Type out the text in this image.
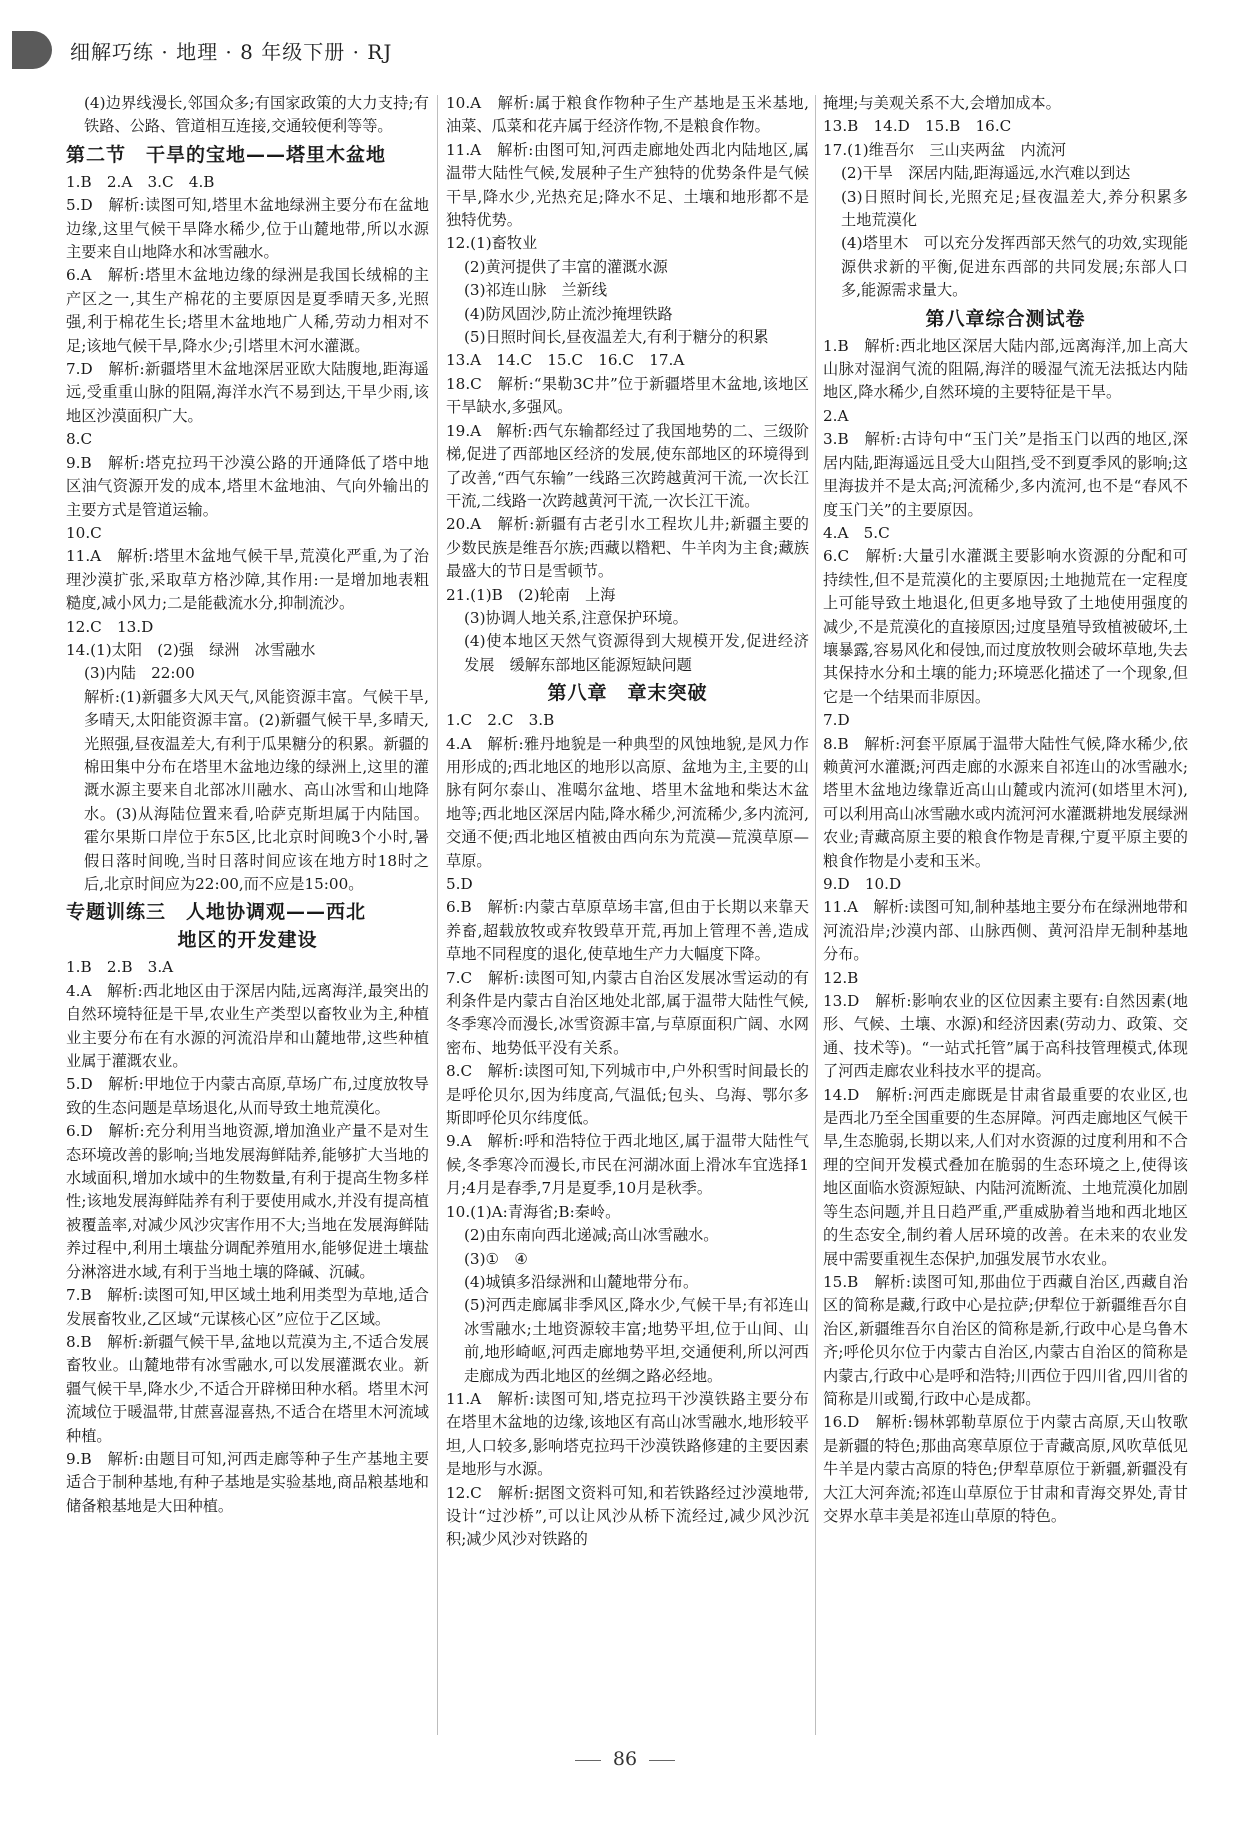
细解巧练 · 地理 · 8 年级下册 · RJ
(4)边界线漫长,邻国众多;有国家政策的大力支持;有铁路、公路、管道相互连接,交通较便利等等。
第二节　干旱的宝地——塔里木盆地
1.B　2.A　3.C　4.B
5.D　解析:读图可知,塔里木盆地绿洲主要分布在盆地边缘,这里气候干旱降水稀少,位于山麓地带,所以水源主要来自山地降水和冰雪融水。
6.A　解析:塔里木盆地边缘的绿洲是我国长绒棉的主产区之一,其生产棉花的主要原因是夏季晴天多,光照强,利于棉花生长;塔里木盆地地广人稀,劳动力相对不足;该地气候干旱,降水少;引塔里木河水灌溉。
7.D　解析:新疆塔里木盆地深居亚欧大陆腹地,距海遥远,受重重山脉的阻隔,海洋水汽不易到达,干旱少雨,该地区沙漠面积广大。
8.C
9.B　解析:塔克拉玛干沙漠公路的开通降低了塔中地区油气资源开发的成本,塔里木盆地油、气向外输出的主要方式是管道运输。
10.C
11.A　解析:塔里木盆地气候干旱,荒漠化严重,为了治理沙漠扩张,采取草方格沙障,其作用:一是增加地表粗糙度,减小风力;二是能截流水分,抑制流沙。
12.C　13.D
14.(1)太阳　(2)强　绿洲　冰雪融水
(3)内陆　22:00
解析:(1)新疆多大风天气,风能资源丰富。气候干旱,多晴天,太阳能资源丰富。(2)新疆气候干旱,多晴天,光照强,昼夜温差大,有利于瓜果糖分的积累。新疆的棉田集中分布在塔里木盆地边缘的绿洲上,这里的灌溉水源主要来自北部冰川融水、高山冰雪和山地降水。(3)从海陆位置来看,哈萨克斯坦属于内陆国。霍尔果斯口岸位于东5区,比北京时间晚3个小时,暑假日落时间晚,当时日落时间应该在地方时18时之后,北京时间应为22:00,而不应是15:00。
专题训练三　人地协调观——西北
地区的开发建设
1.B　2.B　3.A
4.A　解析:西北地区由于深居内陆,远离海洋,最突出的自然环境特征是干旱,农业生产类型以畜牧业为主,种植业主要分布在有水源的河流沿岸和山麓地带,这些种植业属于灌溉农业。
5.D　解析:甲地位于内蒙古高原,草场广布,过度放牧导致的生态问题是草场退化,从而导致土地荒漠化。
6.D　解析:充分利用当地资源,增加渔业产量不是对生态环境改善的影响;当地发展海鲜陆养,能够扩大当地的水域面积,增加水域中的生物数量,有利于提高生物多样性;该地发展海鲜陆养有利于要使用咸水,并没有提高植被覆盖率,对减少风沙灾害作用不大;当地在发展海鲜陆养过程中,利用土壤盐分调配养殖用水,能够促进土壤盐分淋溶进水域,有利于当地土壤的降碱、沉碱。
7.B　解析:读图可知,甲区域土地利用类型为草地,适合发展畜牧业,乙区域“元谋核心区”应位于乙区域。
8.B　解析:新疆气候干旱,盆地以荒漠为主,不适合发展畜牧业。山麓地带有冰雪融水,可以发展灌溉农业。新疆气候干旱,降水少,不适合开辟梯田种水稻。塔里木河流域位于暖温带,甘蔗喜湿喜热,不适合在塔里木河流域种植。
9.B　解析:由题目可知,河西走廊等种子生产基地主要适合于制种基地,有种子基地是实验基地,商品粮基地和储备粮基地是大田种植。
10.A　解析:属于粮食作物种子生产基地是玉米基地,油菜、瓜菜和花卉属于经济作物,不是粮食作物。
11.A　解析:由图可知,河西走廊地处西北内陆地区,属温带大陆性气候,发展种子生产独特的优势条件是气候干旱,降水少,光热充足;降水不足、土壤和地形都不是独特优势。
12.(1)畜牧业
(2)黄河提供了丰富的灌溉水源
(3)祁连山脉　兰新线
(4)防风固沙,防止流沙掩埋铁路
(5)日照时间长,昼夜温差大,有利于糖分的积累
13.A　14.C　15.C　16.C　17.A
18.C　解析:“果勒3C井”位于新疆塔里木盆地,该地区干旱缺水,多强风。
19.A　解析:西气东输都经过了我国地势的二、三级阶梯,促进了西部地区经济的发展,使东部地区的环境得到了改善,“西气东输”一线路三次跨越黄河干流,一次长江干流,二线路一次跨越黄河干流,一次长江干流。
20.A　解析:新疆有古老引水工程坎儿井;新疆主要的少数民族是维吾尔族;西藏以糌粑、牛羊肉为主食;藏族最盛大的节日是雪顿节。
21.(1)B　(2)轮南　上海
(3)协调人地关系,注意保护环境。
(4)使本地区天然气资源得到大规模开发,促进经济发展　缓解东部地区能源短缺问题
第八章　章末突破
1.C　2.C　3.B
4.A　解析:雅丹地貌是一种典型的风蚀地貌,是风力作用形成的;西北地区的地形以高原、盆地为主,主要的山脉有阿尔泰山、准噶尔盆地、塔里木盆地和柴达木盆地等;西北地区深居内陆,降水稀少,河流稀少,多内流河,交通不便;西北地区植被由西向东为荒漠—荒漠草原—草原。
5.D
6.B　解析:内蒙古草原草场丰富,但由于长期以来靠天养畜,超载放牧或弃牧毁草开荒,再加上管理不善,造成草地不同程度的退化,使草地生产力大幅度下降。
7.C　解析:读图可知,内蒙古自治区发展冰雪运动的有利条件是内蒙古自治区地处北部,属于温带大陆性气候,冬季寒冷而漫长,冰雪资源丰富,与草原面积广阔、水网密布、地势低平没有关系。
8.C　解析:读图可知,下列城市中,户外积雪时间最长的是呼伦贝尔,因为纬度高,气温低;包头、乌海、鄂尔多斯即呼伦贝尔纬度低。
9.A　解析:呼和浩特位于西北地区,属于温带大陆性气候,冬季寒冷而漫长,市民在河湖冰面上滑冰车宜选择1月;4月是春季,7月是夏季,10月是秋季。
10.(1)A:青海省;B:秦岭。
(2)由东南向西北递减;高山冰雪融水。
(3)①　④
(4)城镇多沿绿洲和山麓地带分布。
(5)河西走廊属非季风区,降水少,气候干旱;有祁连山冰雪融水;土地资源较丰富;地势平坦,位于山间、山前,地形崎岖,河西走廊地势平坦,交通便利,所以河西走廊成为西北地区的丝绸之路必经地。
11.A　解析:读图可知,塔克拉玛干沙漠铁路主要分布在塔里木盆地的边缘,该地区有高山冰雪融水,地形较平坦,人口较多,影响塔克拉玛干沙漠铁路修建的主要因素是地形与水源。
12.C　解析:据图文资料可知,和若铁路经过沙漠地带,设计“过沙桥”,可以让风沙从桥下流经过,减少风沙沉积;减少风沙对铁路的
掩埋;与美观关系不大,会增加成本。
13.B　14.D　15.B　16.C
17.(1)维吾尔　三山夹两盆　内流河
(2)干旱　深居内陆,距海遥远,水汽难以到达
(3)日照时间长,光照充足;昼夜温差大,养分积累多　土地荒漠化
(4)塔里木　可以充分发挥西部天然气的功效,实现能源供求新的平衡,促进东西部的共同发展;东部人口多,能源需求量大。
第八章综合测试卷
1.B　解析:西北地区深居大陆内部,远离海洋,加上高大山脉对湿润气流的阻隔,海洋的暖湿气流无法抵达内陆地区,降水稀少,自然环境的主要特征是干旱。
2.A
3.B　解析:古诗句中“玉门关”是指玉门以西的地区,深居内陆,距海遥远且受大山阻挡,受不到夏季风的影响;这里海拔并不是太高;河流稀少,多内流河,也不是“春风不度玉门关”的主要原因。
4.A　5.C
6.C　解析:大量引水灌溉主要影响水资源的分配和可持续性,但不是荒漠化的主要原因;土地抛荒在一定程度上可能导致土地退化,但更多地导致了土地使用强度的减少,不是荒漠化的直接原因;过度垦殖导致植被破坏,土壤暴露,容易风化和侵蚀,而过度放牧则会破坏草地,失去其保持水分和土壤的能力;环境恶化描述了一个现象,但它是一个结果而非原因。
7.D
8.B　解析:河套平原属于温带大陆性气候,降水稀少,依赖黄河水灌溉;河西走廊的水源来自祁连山的冰雪融水;塔里木盆地边缘靠近高山山麓或内流河(如塔里木河),可以利用高山冰雪融水或内流河河水灌溉耕地发展绿洲农业;青藏高原主要的粮食作物是青稞,宁夏平原主要的粮食作物是小麦和玉米。
9.D　10.D
11.A　解析:读图可知,制种基地主要分布在绿洲地带和河流沿岸;沙漠内部、山脉西侧、黄河沿岸无制种基地分布。
12.B
13.D　解析:影响农业的区位因素主要有:自然因素(地形、气候、土壤、水源)和经济因素(劳动力、政策、交通、技术等)。“一站式托管”属于高科技管理模式,体现了河西走廊农业科技水平的提高。
14.D　解析:河西走廊既是甘肃省最重要的农业区,也是西北乃至全国重要的生态屏障。河西走廊地区气候干旱,生态脆弱,长期以来,人们对水资源的过度利用和不合理的空间开发模式叠加在脆弱的生态环境之上,使得该地区面临水资源短缺、内陆河流断流、土地荒漠化加剧等生态问题,并且日趋严重,严重威胁着当地和西北地区的生态安全,制约着人居环境的改善。在未来的农业发展中需要重视生态保护,加强发展节水农业。
15.B　解析:读图可知,那曲位于西藏自治区,西藏自治区的简称是藏,行政中心是拉萨;伊犁位于新疆维吾尔自治区,新疆维吾尔自治区的简称是新,行政中心是乌鲁木齐;呼伦贝尔位于内蒙古自治区,内蒙古自治区的简称是内蒙古,行政中心是呼和浩特;川西位于四川省,四川省的简称是川或蜀,行政中心是成都。
16.D　解析:锡林郭勒草原位于内蒙古高原,天山牧歌是新疆的特色;那曲高寒草原位于青藏高原,风吹草低见牛羊是内蒙古高原的特色;伊犁草原位于新疆,新疆没有大江大河奔流;祁连山草原位于甘肃和青海交界处,青甘交界水草丰美是祁连山草原的特色。
86
